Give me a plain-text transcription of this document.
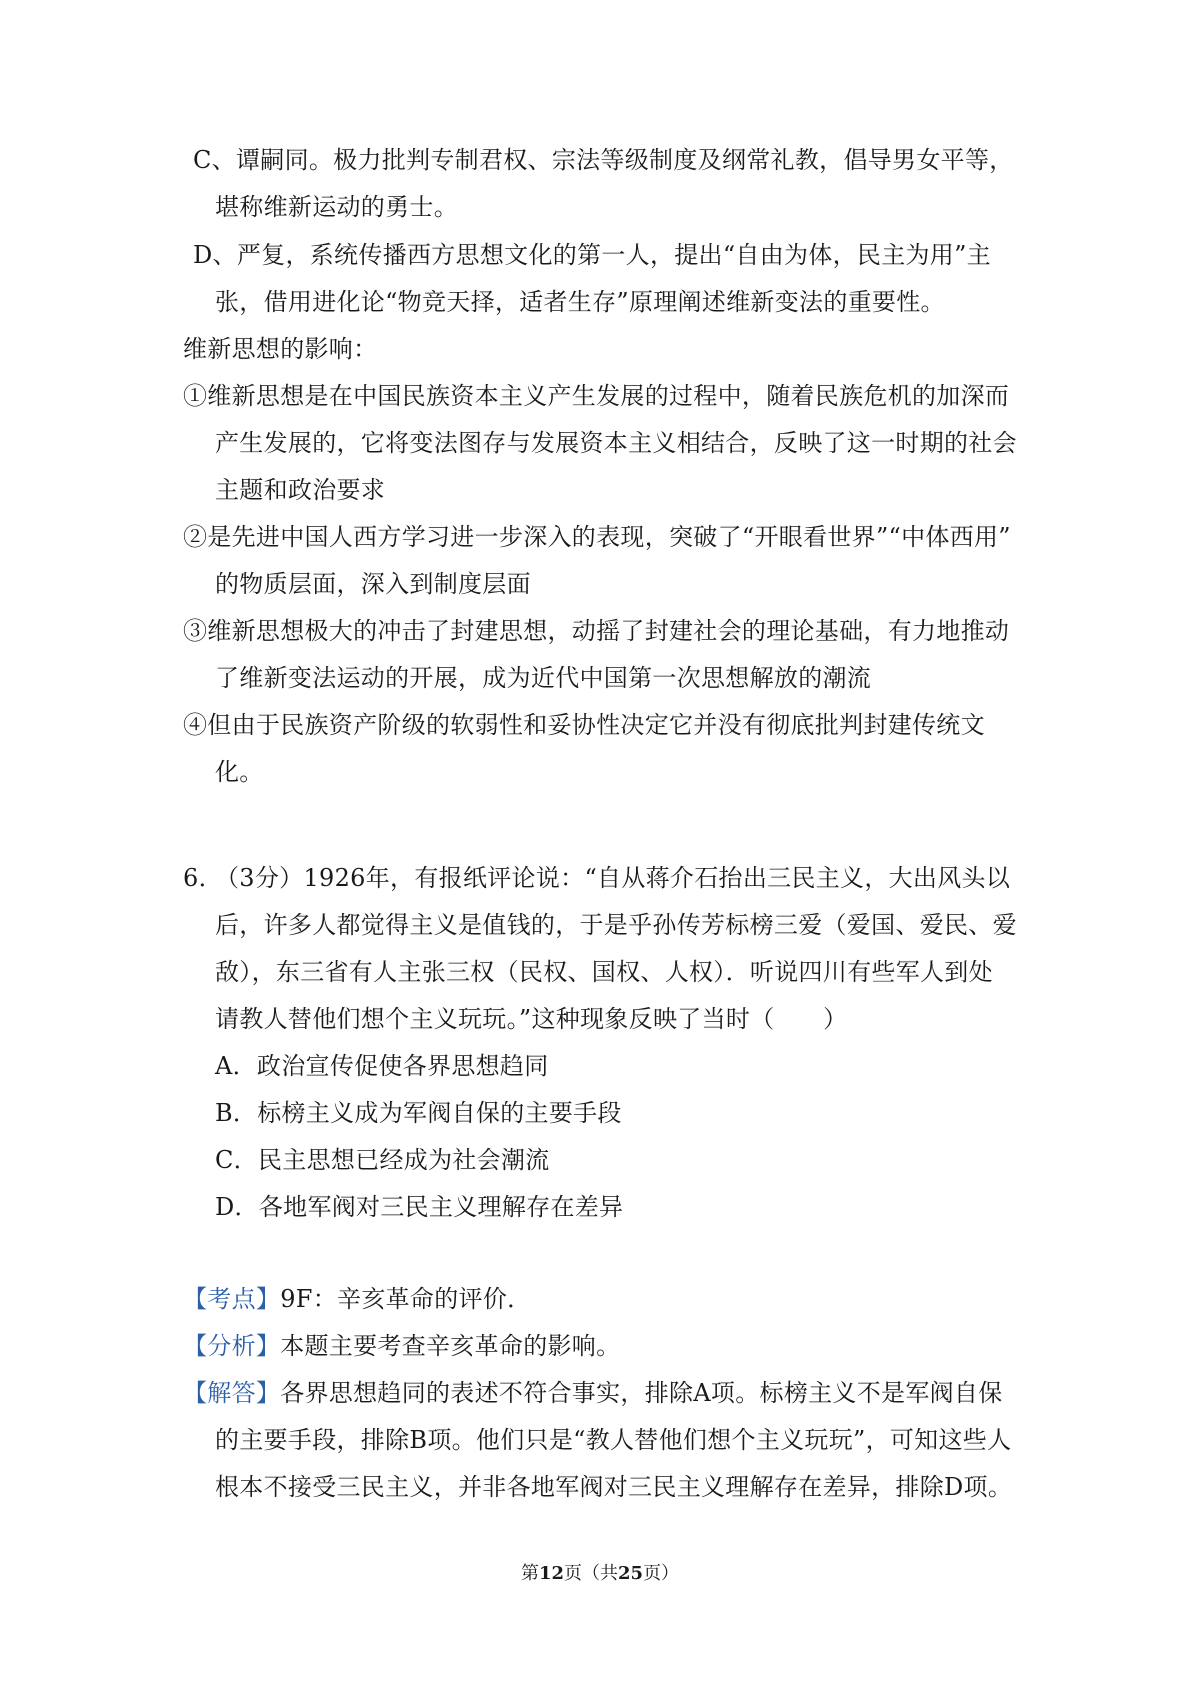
C、谭嗣同。极力批判专制君权、宗法等级制度及纲常礼教，倡导男女平等，
堪称维新运动的勇士。
D、严复，系统传播西方思想文化的第一人，提出“自由为体，民主为用”主
张，借用进化论“物竞天择，适者生存”原理阐述维新变法的重要性。
维新思想的影响：
①维新思想是在中国民族资本主义产生发展的过程中，随着民族危机的加深而
产生发展的，它将变法图存与发展资本主义相结合，反映了这一时期的社会
主题和政治要求
②是先进中国人西方学习进一步深入的表现，突破了“开眼看世界”“中体西用”
的物质层面，深入到制度层面
③维新思想极大的冲击了封建思想，动摇了封建社会的理论基础，有力地推动
了维新变法运动的开展，成为近代中国第一次思想解放的潮流
④但由于民族资产阶级的软弱性和妥协性决定它并没有彻底批判封建传统文
化。
6．
（3分）1926年，有报纸评论说：“自从蒋介石抬出三民主义，大出风头以
后，许多人都觉得主义是值钱的，于是乎孙传芳标榜三爱（爱国、爱民、爱
敌），东三省有人主张三权（民权、国权、人权）．听说四川有些军人到处
请教人替他们想个主义玩玩。”这种现象反映了当时（　　）
A．政治宣传促使各界思想趋同
B．标榜主义成为军阀自保的主要手段
C．民主思想已经成为社会潮流
D．各地军阀对三民主义理解存在差异
【考点】9F：辛亥革命的评价．
【分析】本题主要考查辛亥革命的影响。
【解答】各界思想趋同的表述不符合事实，排除A项。标榜主义不是军阀自保
的主要手段，排除B项。他们只是“教人替他们想个主义玩玩”，可知这些人
根本不接受三民主义，并非各地军阀对三民主义理解存在差异，排除D项。
第12页（共25页）
